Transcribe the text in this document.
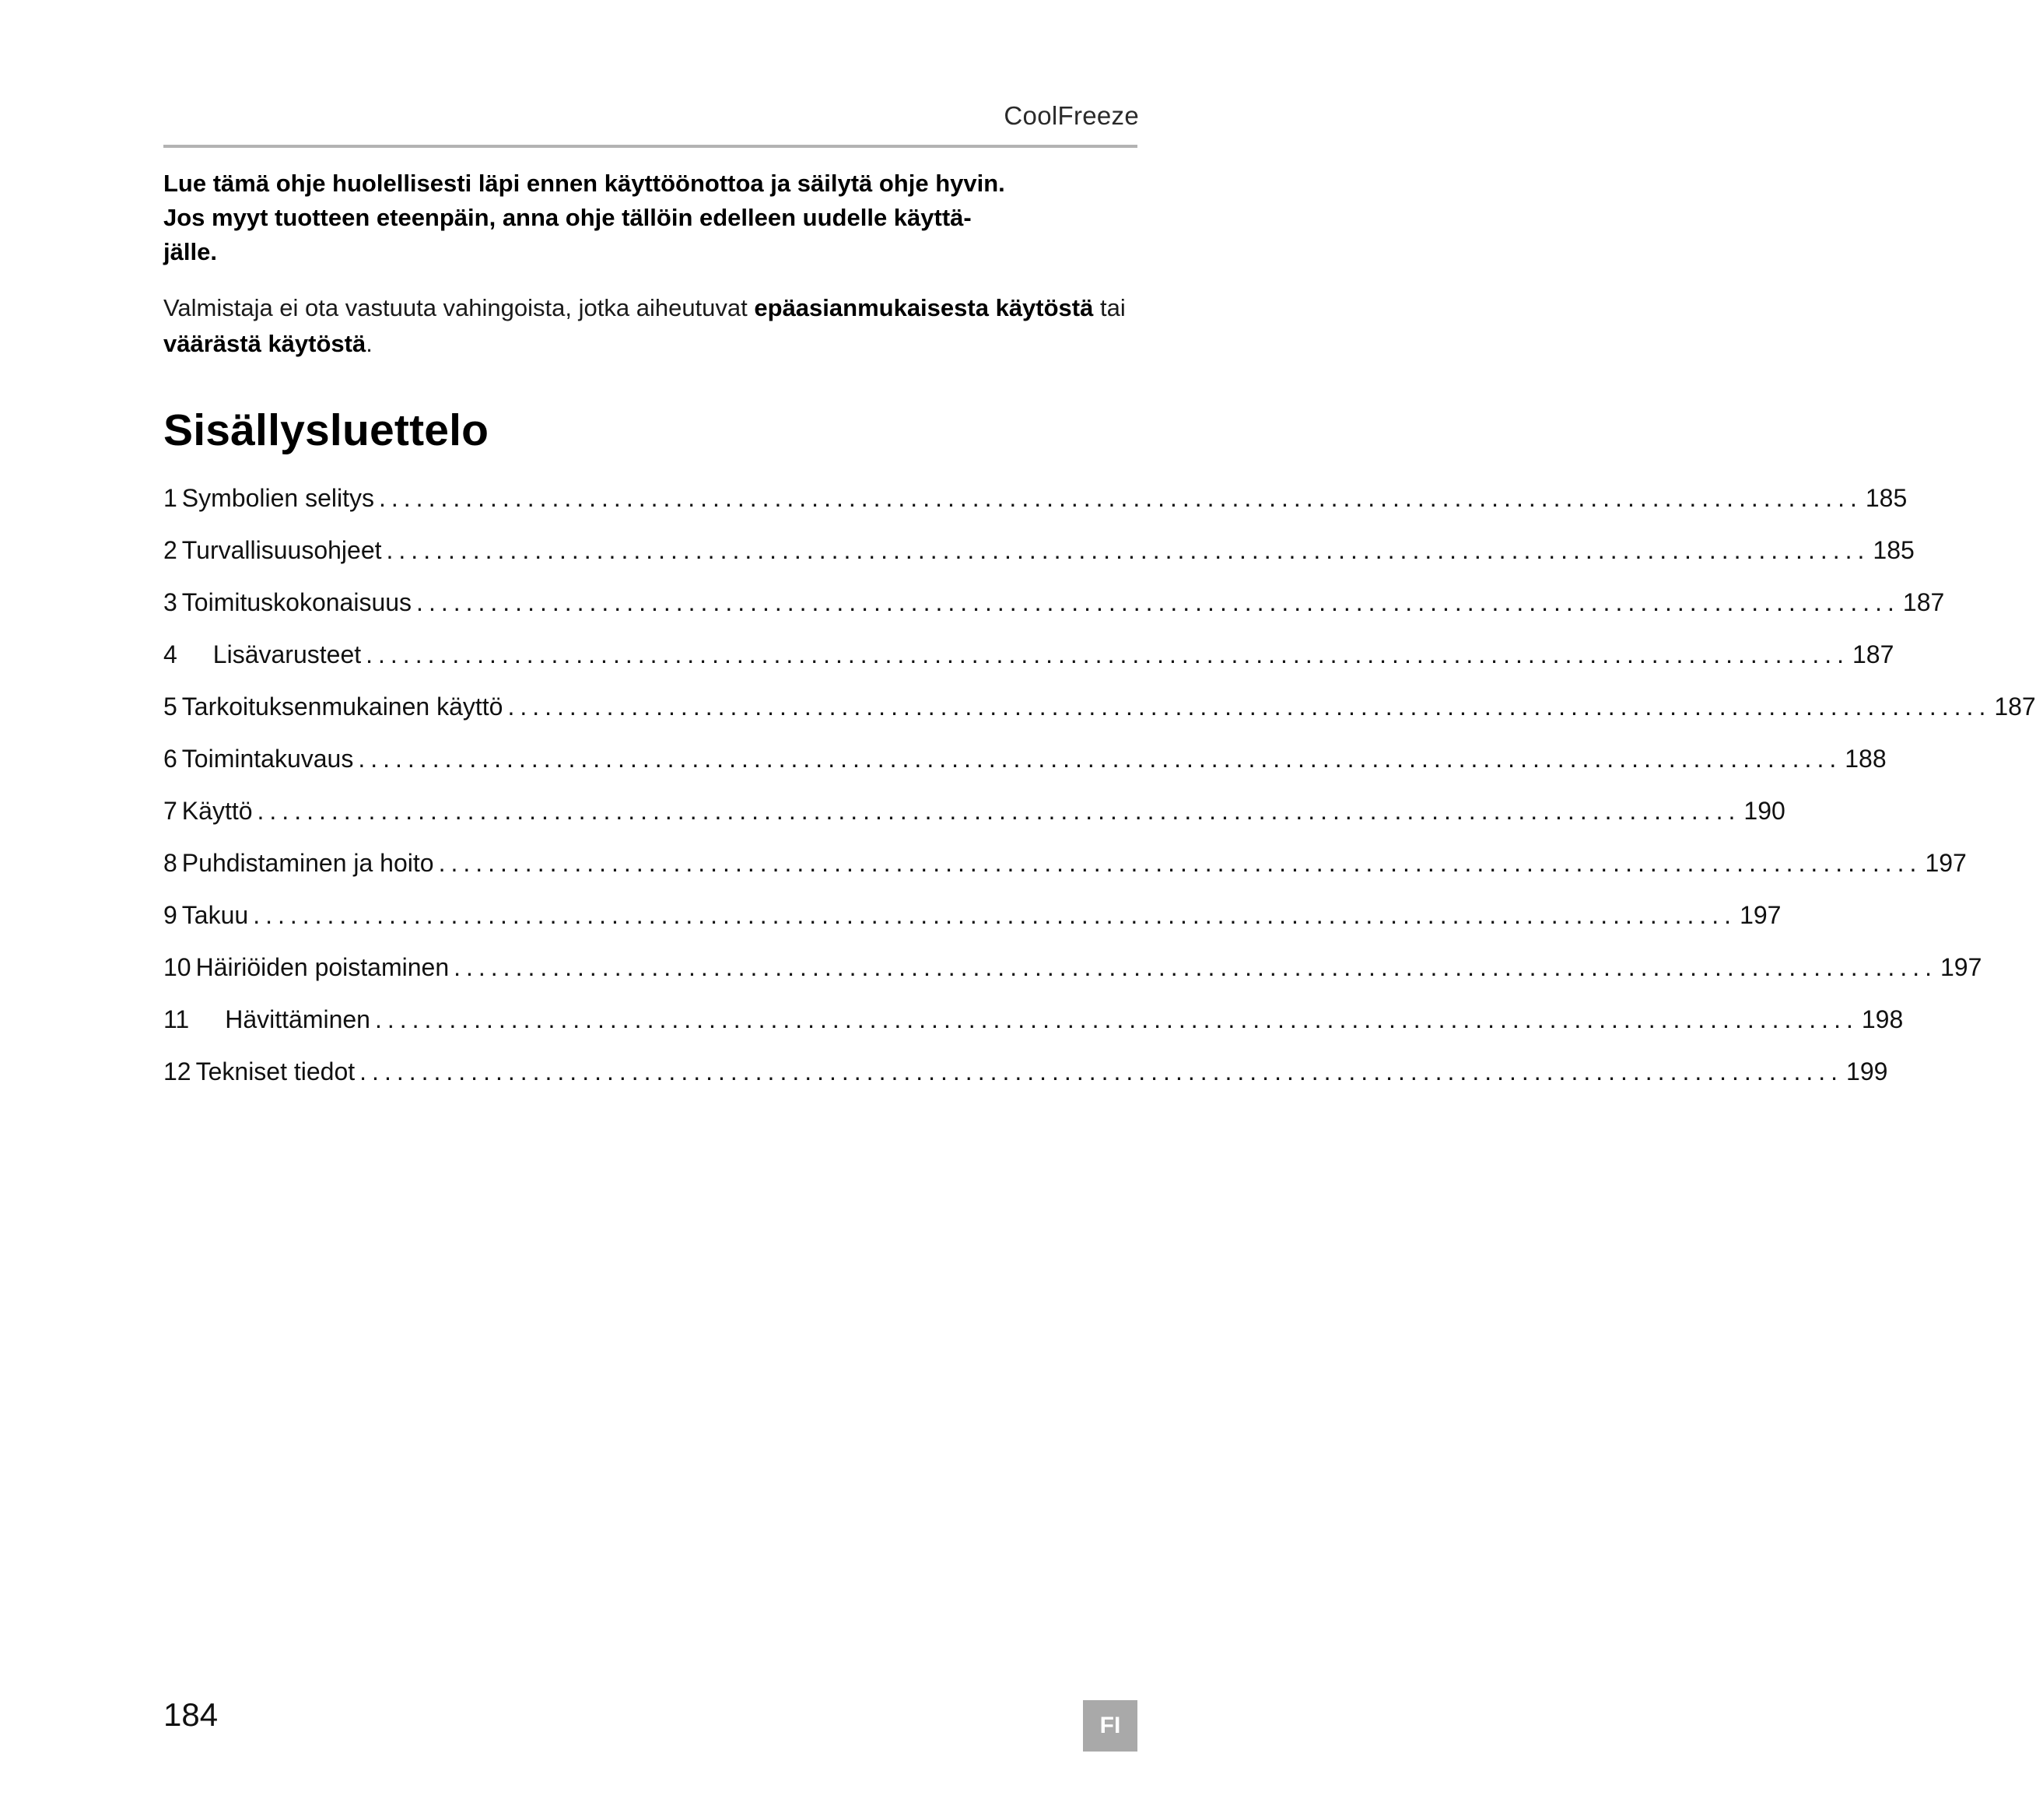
CoolFreeze
Lue tämä ohje huolellisesti läpi ennen käyttöönottoa ja säilytä ohje hyvin.
Jos myyt tuotteen eteenpäin, anna ohje tällöin edelleen uudelle käyttä-
jälle.
Valmistaja ei ota vastuuta vahingoista, jotka aiheutuvat epäasianmukaisesta käytöstä tai väärästä käytöstä.
Sisällysluettelo
1 Symbolien selitys ........................................................................................................................ 185
2 Turvallisuusohjeet ........................................................................................................................ 185
3 Toimituskokonaisuus ........................................................................................................................ 187
4	Lisävarusteet ........................................................................................................................ 187
5 Tarkoituksenmukainen käyttö ........................................................................................................................ 187
6 Toimintakuvaus ........................................................................................................................ 188
7 Käyttö ........................................................................................................................ 190
8 Puhdistaminen ja hoito ........................................................................................................................ 197
9 Takuu ........................................................................................................................ 197
10 Häiriöiden poistaminen ........................................................................................................................ 197
11	Hävittäminen ........................................................................................................................ 198
12 Tekniset tiedot ........................................................................................................................ 199
184	FI
